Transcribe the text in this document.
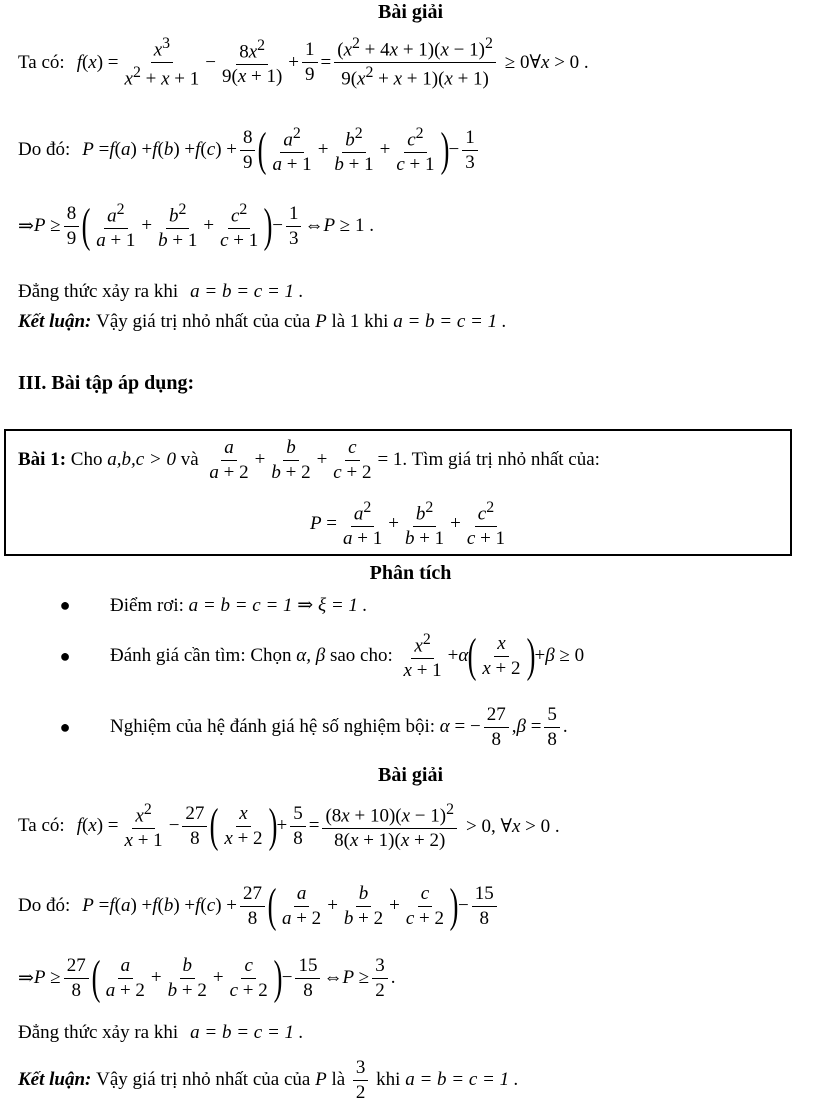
Bài giải
Ta có: f ( x ) =
$x^3$
$x^2 + x + 1$
− $8x^2$
9(x + 1)
+
1
9
= $\frac{(x^2 + 4x + 1)(x - 1)^2}{9(x^2 + x + 1)(x + 1)}$ ≥ 0∀x > 0 .
Do đó: P = f ( a ) + f ( b ) + f ( c ) +
8
9 ( $a^2$
a + 1
+ $b^2$
b + 1
+ $c^2$
c + 1 ) −
1
3
⇒ P ≥
8
9 ( $a^2$
a + 1
+ $b^2$
b + 1
+ $c^2$
c + 1 ) −
1
3
⇔ P ≥ 1 .
Đẳng thức xảy ra khi a = b = c = 1 .
Kết luận:
Vậy giá trị nhỏ nhất của của
P
là 1 khi
a = b = c = 1 .
III. Bài tập áp dụng:
Bài 1:
Cho
a,b,c > 0
và

a
a + 2
+
b
b + 2
+
c
c + 2
= 1 . Tìm giá trị nhỏ nhất của:
$P = a^2$
a + 1
+ $b^2$
b + 1
+ $c^2$
c + 1
Phân tích
●	Điểm rơi:
a = b = c = 1 ⇒ ξ = 1 .
●	Đánh giá cần tìm: Chọn
α, β
sao cho:
$x^2$
x + 1
+ α ( x
x + 2 ) + β ≥ 0
●	Nghiệm của hệ đánh giá hệ số nghiệm bội:
α = −
27
8
, β =
5
8
.
Bài giải
Ta có: f ( x ) = $x^2$
x + 1
−
27
8 ( x
x + 2 ) +
5
8
= $(8x + 10)(x - 1)^2$
8(x + 1)(x + 2)
> 0, ∀x > 0 .
Do đó: P = f ( a ) + f ( b ) + f ( c ) +
27
8 ( a
a + 2
+
b
b + 2
+
c
c + 2 ) −
15
8
⇒ P ≥
27
8 ( a
a + 2
+
b
b + 2
+
c
c + 2 ) −
15
8
⇔ P ≥
3
2
.
Đẳng thức xảy ra khi a = b = c = 1 .
Kết luận:
Vậy giá trị nhỏ nhất của của
P
là

3
2

khi
a = b = c = 1 .
